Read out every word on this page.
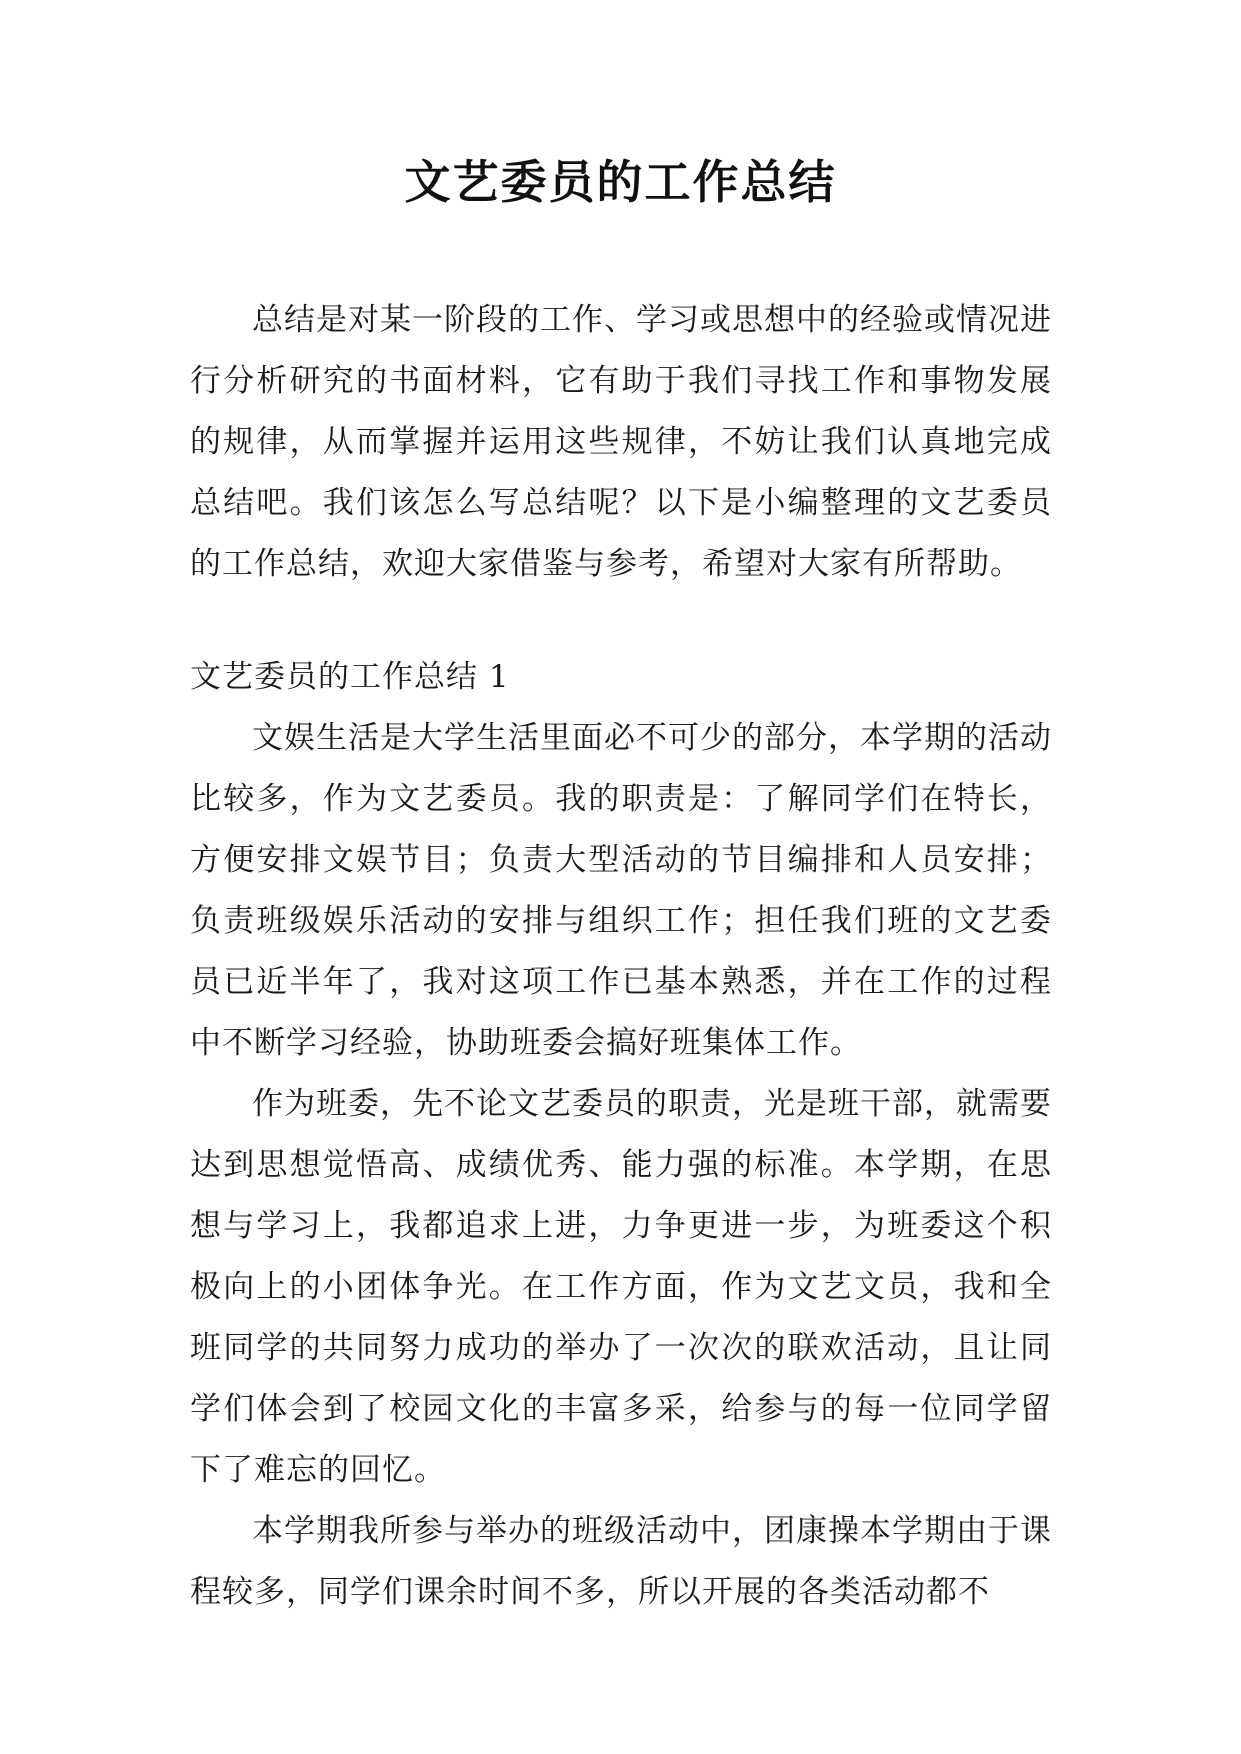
文艺委员的工作总结

总结是对某一阶段的工作、学习或思想中的经验或情况进行分析研究的书面材料，它有助于我们寻找工作和事物发展的规律，从而掌握并运用这些规律，不妨让我们认真地完成总结吧。我们该怎么写总结呢？以下是小编整理的文艺委员的工作总结，欢迎大家借鉴与参考，希望对大家有所帮助。

文艺委员的工作总结 1

文娱生活是大学生活里面必不可少的部分，本学期的活动比较多，作为文艺委员。我的职责是：了解同学们在特长，方便安排文娱节目；负责大型活动的节目编排和人员安排；负责班级娱乐活动的安排与组织工作；担任我们班的文艺委员已近半年了，我对这项工作已基本熟悉，并在工作的过程中不断学习经验，协助班委会搞好班集体工作。

作为班委，先不论文艺委员的职责，光是班干部，就需要达到思想觉悟高、成绩优秀、能力强的标准。本学期，在思想与学习上，我都追求上进，力争更进一步，为班委这个积极向上的小团体争光。在工作方面，作为文艺文员，我和全班同学的共同努力成功的举办了一次次的联欢活动，且让同学们体会到了校园文化的丰富多采，给参与的每一位同学留下了难忘的回忆。

本学期我所参与举办的班级活动中，团康操本学期由于课程较多，同学们课余时间不多，所以开展的各类活动都不
